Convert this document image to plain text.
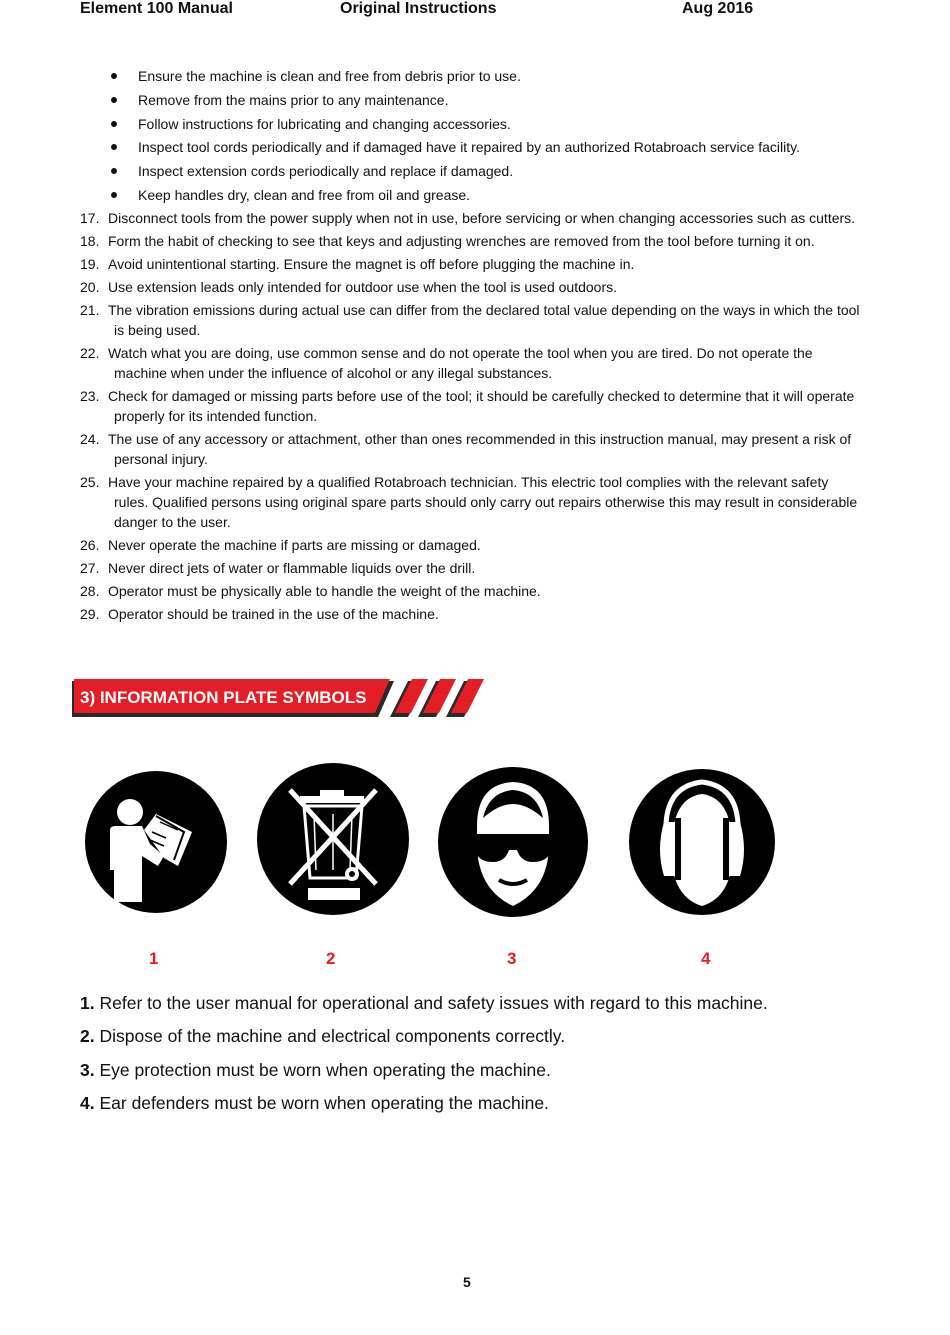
Element 100 Manual	Original Instructions	Aug 2016
Ensure the machine is clean and free from debris prior to use.
Remove from the mains prior to any maintenance.
Follow instructions for lubricating and changing accessories.
Inspect tool cords periodically and if damaged have it repaired by an authorized Rotabroach service facility.
Inspect extension cords periodically and replace if damaged.
Keep handles dry, clean and free from oil and grease.
17. Disconnect tools from the power supply when not in use, before servicing or when changing accessories such as cutters.
18. Form the habit of checking to see that keys and adjusting wrenches are removed from the tool before turning it on.
19. Avoid unintentional starting. Ensure the magnet is off before plugging the machine in.
20. Use extension leads only intended for outdoor use when the tool is used outdoors.
21. The vibration emissions during actual use can differ from the declared total value depending on the ways in which the tool is being used.
22. Watch what you are doing, use common sense and do not operate the tool when you are tired. Do not operate the machine when under the influence of alcohol or any illegal substances.
23. Check for damaged or missing parts before use of the tool; it should be carefully checked to determine that it will operate properly for its intended function.
24. The use of any accessory or attachment, other than ones recommended in this instruction manual, may present a risk of personal injury.
25. Have your machine repaired by a qualified Rotabroach technician. This electric tool complies with the relevant safety rules. Qualified persons using original spare parts should only carry out repairs otherwise this may result in considerable danger to the user.
26. Never operate the machine if parts are missing or damaged.
27. Never direct jets of water or flammable liquids over the drill.
28. Operator must be physically able to handle the weight of the machine.
29. Operator should be trained in the use of the machine.
3) INFORMATION PLATE SYMBOLS
1	2	3	4
1. Refer to the user manual for operational and safety issues with regard to this machine.
2. Dispose of the machine and electrical components correctly.
3. Eye protection must be worn when operating the machine.
4. Ear defenders must be worn when operating the machine.
5
